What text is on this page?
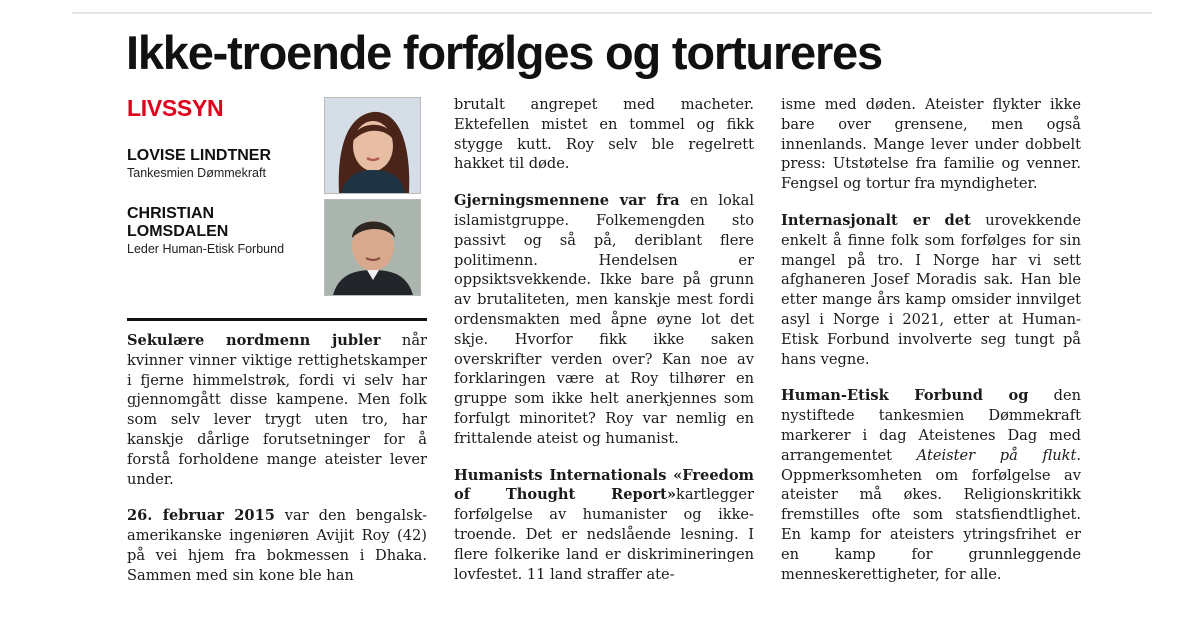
Ikke-troende forfølges og tortureres
LIVSSYN
LOVISE LINDTNER
Tankesmien Dømmekraft
CHRISTIAN LOMSDALEN
Leder Human-Etisk Forbund

Sekulære nordmenn jubler når kvinner vinner viktige rettighetskamper i fjerne himmelstrøk, fordi vi selv har gjennomgått disse kampene. Men folk som selv lever trygt uten tro, har kanskje dårlige forutsetninger for å forstå forholdene mange ateister lever under.

26. februar 2015 var den bengalsk-amerikanske ingeniøren Avijit Roy (42) på vei hjem fra bokmessen i Dhaka. Sammen med sin kone ble han

brutalt angrepet med macheter. Ektefellen mistet en tommel og fikk stygge kutt. Roy selv ble regelrett hakket til døde.

Gjerningsmennene var fra en lokal islamistgruppe. Folkemengden sto passivt og så på, deriblant flere politimenn. Hendelsen er oppsiktsvekkende. Ikke bare på grunn av brutaliteten, men kanskje mest fordi ordensmakten med åpne øyne lot det skje. Hvorfor fikk ikke saken overskrifter verden over? Kan noe av forklaringen være at Roy tilhører en gruppe som ikke helt anerkjennes som forfulgt minoritet? Roy var nemlig en frittalende ateist og humanist.

Humanists Internationals «Freedom of Thought Report»kartlegger forfølgelse av humanister og ikke-troende. Det er nedslående lesning. I flere folkerike land er diskrimineringen lovfestet. 11 land straffer ate-

isme med døden. Ateister flykter ikke bare over grensene, men også innenlands. Mange lever under dobbelt press: Utstøtelse fra familie og venner. Fengsel og tortur fra myndigheter.

Internasjonalt er det urovekkende enkelt å finne folk som forfølges for sin mangel på tro. I Norge har vi sett afghaneren Josef Moradis sak. Han ble etter mange års kamp omsider innvilget asyl i Norge i 2021, etter at Human-Etisk Forbund involverte seg tungt på hans vegne.

Human-Etisk Forbund og den nystiftede tankesmien Dømmekraft markerer i dag Ateistenes Dag med arrangementet Ateister på flukt. Oppmerksomheten om forfølgelse av ateister må økes. Religionskritikk fremstilles ofte som statsfiendtlighet. En kamp for ateisters ytringsfrihet er en kamp for grunnleggende menneskerettigheter, for alle.
